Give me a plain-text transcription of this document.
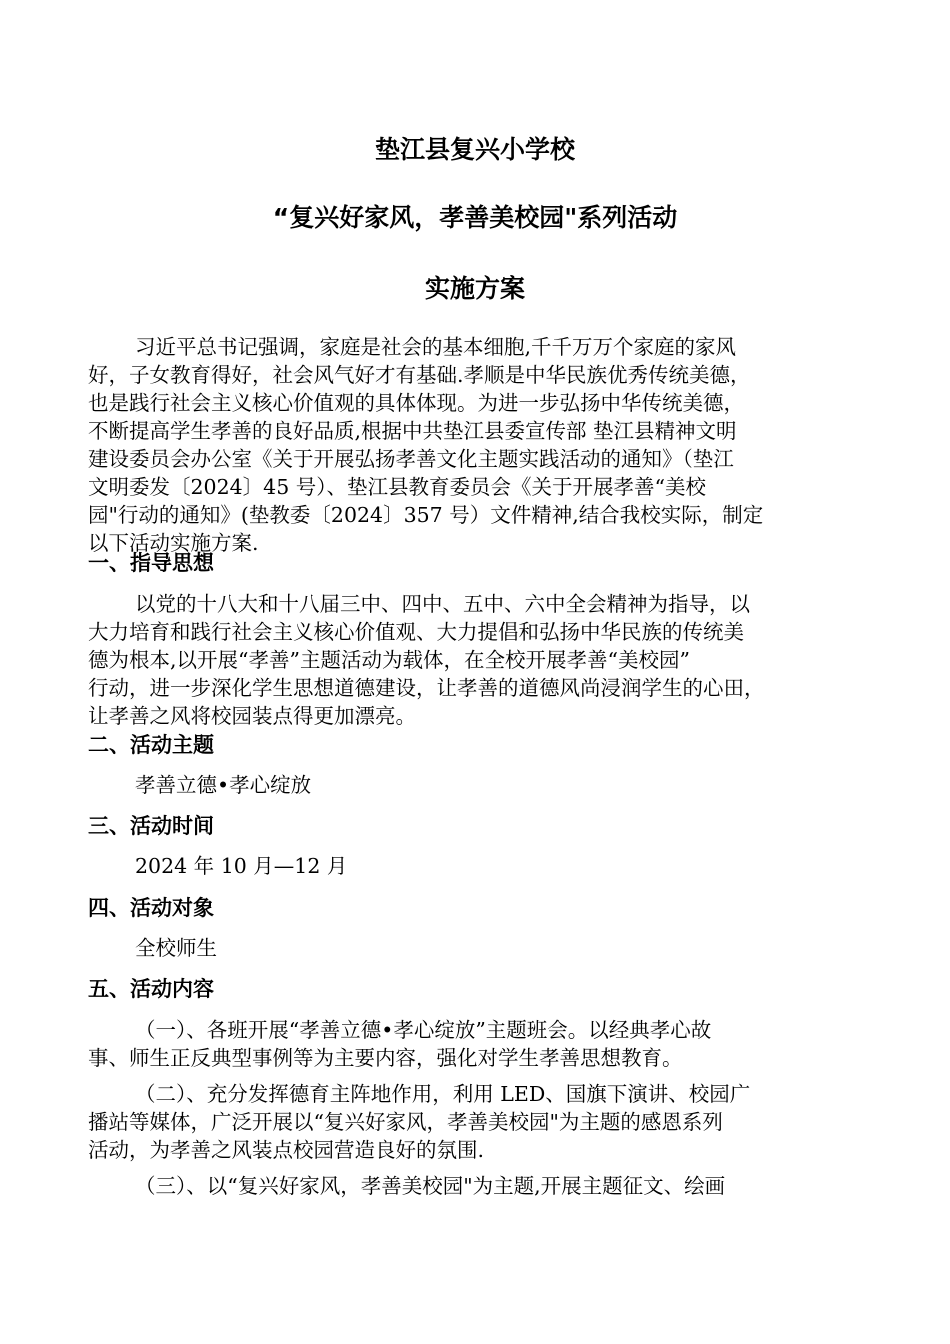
垫江县复兴小学校
“复兴好家风，孝善美校园"系列活动
实施方案
习近平总书记强调，家庭是社会的基本细胞,千千万万个家庭的家风
好，子女教育得好，社会风气好才有基础.孝顺是中华民族优秀传统美德，
也是践行社会主义核心价值观的具体体现。为进一步弘扬中华传统美德，
不断提高学生孝善的良好品质,根据中共垫江县委宣传部 垫江县精神文明
建设委员会办公室《关于开展弘扬孝善文化主题实践活动的通知》（垫江
文明委发〔2024〕45 号）、垫江县教育委员会《关于开展孝善“美校
园"行动的通知》(垫教委〔2024〕357 号）文件精神,结合我校实际，制定
以下活动实施方案.
一、指导思想
以党的十八大和十八届三中、四中、五中、六中全会精神为指导，以
大力培育和践行社会主义核心价值观、大力提倡和弘扬中华民族的传统美
德为根本,以开展“孝善”主题活动为载体，在全校开展孝善“美校园”
行动，进一步深化学生思想道德建设，让孝善的道德风尚浸润学生的心田，
让孝善之风将校园装点得更加漂亮。
二、活动主题
孝善立德•孝心绽放
三、活动时间
2024 年 10 月—12 月
四、活动对象
全校师生
五、活动内容
（一）、各班开展“孝善立德•孝心绽放”主题班会。以经典孝心故
事、师生正反典型事例等为主要内容，强化对学生孝善思想教育。
（二）、充分发挥德育主阵地作用，利用 LED、国旗下演讲、校园广
播站等媒体，广泛开展以“复兴好家风，孝善美校园"为主题的感恩系列
活动，为孝善之风装点校园营造良好的氛围.
（三）、以“复兴好家风，孝善美校园"为主题,开展主题征文、绘画
